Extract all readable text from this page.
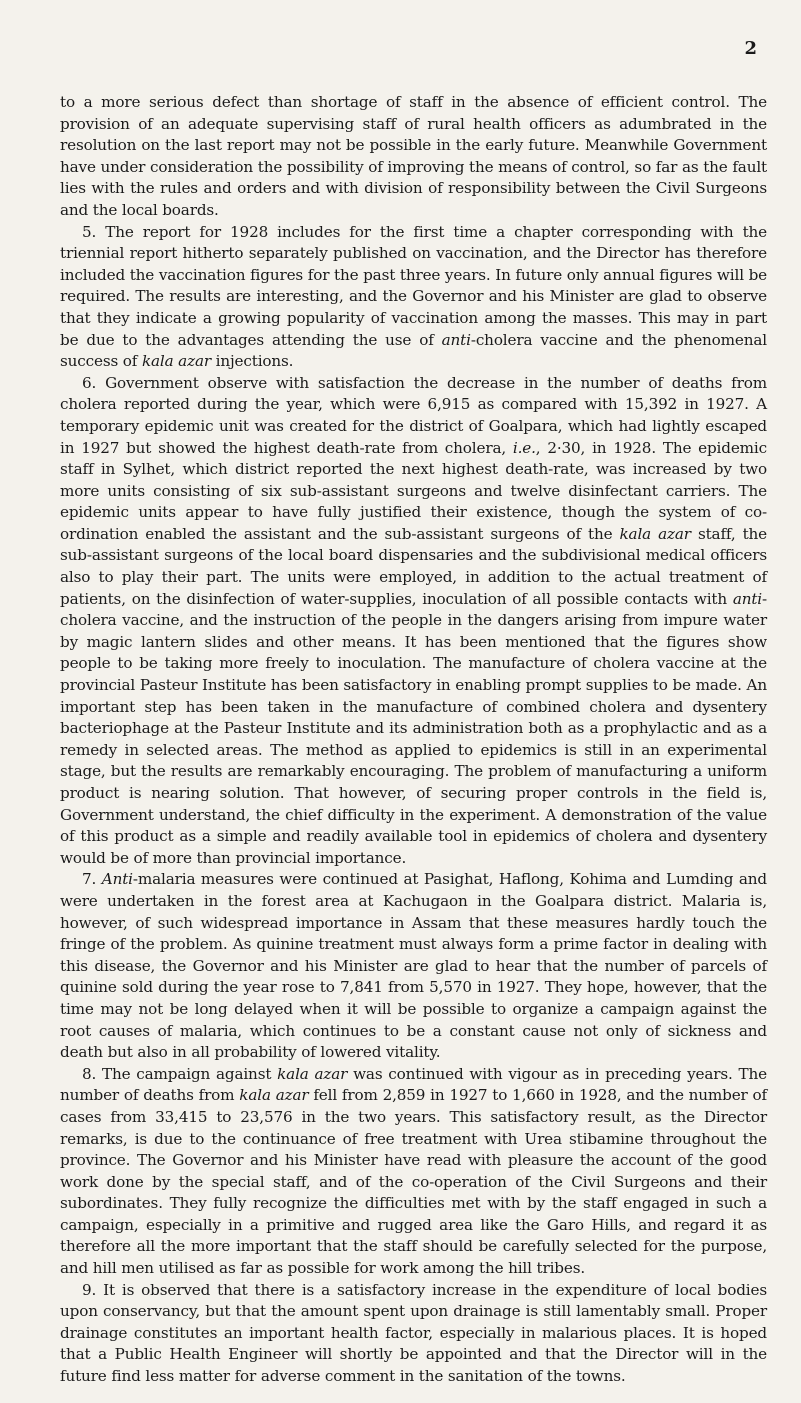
2

to a more serious defect than shortage of staff in the absence of efficient control. The provision of an adequate supervising staff of rural health officers as adumbrated in the resolution on the last report may not be possible in the early future. Meanwhile Government have under consideration the possibility of improving the means of control, so far as the fault lies with the rules and orders and with division of responsibility between the Civil Surgeons and the local boards.

5. The report for 1928 includes for the first time a chapter corresponding with the triennial report hitherto separately published on vaccination, and the Director has therefore included the vaccination figures for the past three years. In future only annual figures will be required. The results are interesting, and the Governor and his Minister are glad to observe that they indicate a growing popularity of vaccination among the masses. This may in part be due to the advantages attending the use of anti-cholera vaccine and the phenomenal success of kala azar injections.

6. Government observe with satisfaction the decrease in the number of deaths from cholera reported during the year, which were 6,915 as compared with 15,392 in 1927. A temporary epidemic unit was created for the district of Goalpara, which had lightly escaped in 1927 but showed the highest death-rate from cholera, i.e., 2·30, in 1928. The epidemic staff in Sylhet, which district reported the next highest death-rate, was increased by two more units consisting of six sub-assistant surgeons and twelve disinfectant carriers. The epidemic units appear to have fully justified their existence, though the system of co-ordination enabled the assistant and the sub-assistant surgeons of the kala azar staff, the sub-assistant surgeons of the local board dispensaries and the subdivisional medical officers also to play their part. The units were employed, in addition to the actual treatment of patients, on the disinfection of water-supplies, inoculation of all possible contacts with anti-cholera vaccine, and the instruction of the people in the dangers arising from impure water by magic lantern slides and other means. It has been mentioned that the figures show people to be taking more freely to inoculation. The manufacture of cholera vaccine at the provincial Pasteur Institute has been satisfactory in enabling prompt supplies to be made. An important step has been taken in the manufacture of combined cholera and dysentery bacteriophage at the Pasteur Institute and its administration both as a prophylactic and as a remedy in selected areas. The method as applied to epidemics is still in an experimental stage, but the results are remarkably encouraging. The problem of manufacturing a uniform product is nearing solution. That however, of securing proper controls in the field is, Government understand, the chief difficulty in the experiment. A demonstration of the value of this product as a simple and readily available tool in epidemics of cholera and dysentery would be of more than provincial importance.

7. Anti-malaria measures were continued at Pasighat, Haflong, Kohima and Lumding and were undertaken in the forest area at Kachugaon in the Goalpara district. Malaria is, however, of such widespread importance in Assam that these measures hardly touch the fringe of the problem. As quinine treatment must always form a prime factor in dealing with this disease, the Governor and his Minister are glad to hear that the number of parcels of quinine sold during the year rose to 7,841 from 5,570 in 1927. They hope, however, that the time may not be long delayed when it will be possible to organize a campaign against the root causes of malaria, which continues to be a constant cause not only of sickness and death but also in all probability of lowered vitality.

8. The campaign against kala azar was continued with vigour as in preceding years. The number of deaths from kala azar fell from 2,859 in 1927 to 1,660 in 1928, and the number of cases from 33,415 to 23,576 in the two years. This satisfactory result, as the Director remarks, is due to the continuance of free treatment with Urea stibamine throughout the province. The Governor and his Minister have read with pleasure the account of the good work done by the special staff, and of the co-operation of the Civil Surgeons and their subordinates. They fully recognize the difficulties met with by the staff engaged in such a campaign, especially in a primitive and rugged area like the Garo Hills, and regard it as therefore all the more important that the staff should be carefully selected for the purpose, and hill men utilised as far as possible for work among the hill tribes.

9. It is observed that there is a satisfactory increase in the expenditure of local bodies upon conservancy, but that the amount spent upon drainage is still lamentably small. Proper drainage constitutes an important health factor, especially in malarious places. It is hoped that a Public Health Engineer will shortly be appointed and that the Director will in the future find less matter for adverse comment in the sanitation of the towns.
